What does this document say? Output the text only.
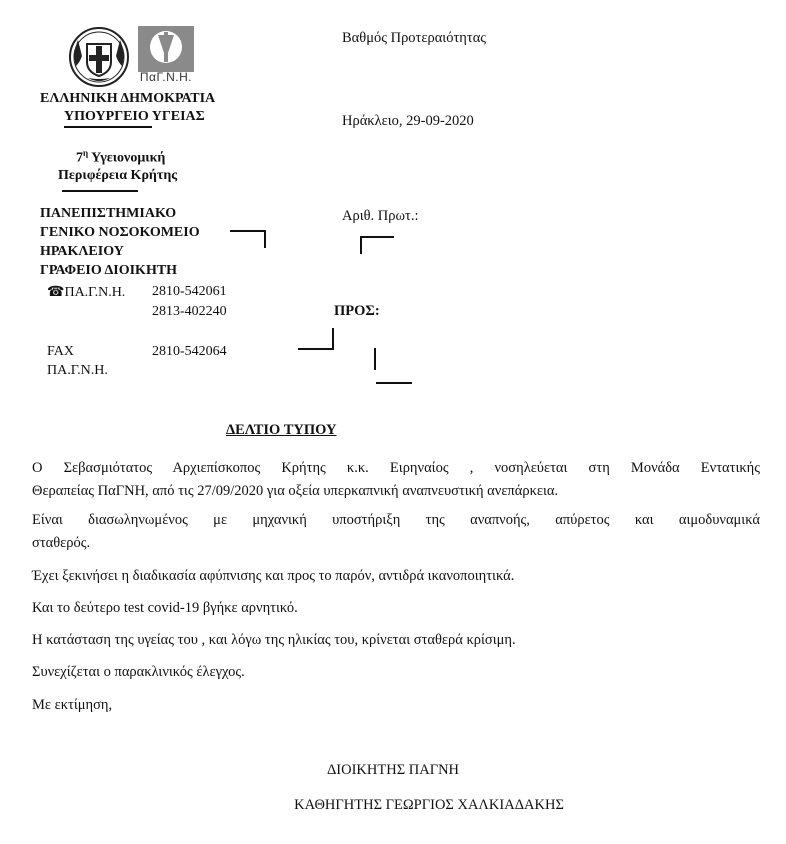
ΠαΓ.Ν.Η.
ΕΛΛΗΝΙΚΗ ΔΗΜΟΚΡΑΤΙΑ
ΥΠΟΥΡΓΕΙΟ ΥΓΕΙΑΣ
$7^\eta$ Υγειονομική
Περιφέρεια Κρήτης
ΠΑΝΕΠΙΣΤΗΜΙΑΚΟ
ΓΕΝΙΚΟ ΝΟΣΟΚΟΜΕΙΟ
ΗΡΑΚΛΕΙΟΥ
ΓΡΑΦΕΙΟ ΔΙΟΙΚΗΤΗ
☎ΠΑ.Γ.Ν.Η. 2810-542061
2813-402240
FAX
ΠΑ.Γ.Ν.Η.
2810-542064
Βαθμός Προτεραιότητας
Ηράκλειο, 29-09-2020
Αριθ. Πρωτ.:
ΠΡΟΣ:
ΔΕΛΤΙΟ ΤΥΠΟΥ
Ο Σεβασμιότατος Αρχιεπίσκοπος Κρήτης κ.κ. Ειρηναίος , νοσηλεύεται στη Μονάδα Εντατικής
Θεραπείας ΠαΓΝΗ, από τις 27/09/2020 για οξεία υπερκαπνική αναπνευστική ανεπάρκεια.
Είναι διασωληνωμένος με μηχανική υποστήριξη της αναπνοής, απύρετος και αιμοδυναμικά
σταθερός.
Έχει ξεκινήσει η διαδικασία αφύπνισης και προς το παρόν, αντιδρά ικανοποιητικά.
Και το δεύτερο test covid-19 βγήκε αρνητικό.
Η κατάσταση της υγείας του , και λόγω της ηλικίας του, κρίνεται σταθερά κρίσιμη.
Συνεχίζεται ο παρακλινικός έλεγχος.
Με εκτίμηση,
ΔΙΟΙΚΗΤΗΣ ΠΑΓΝΗ
ΚΑΘΗΓΗΤΗΣ ΓΕΩΡΓΙΟΣ ΧΑΛΚΙΑΔΑΚΗΣ
